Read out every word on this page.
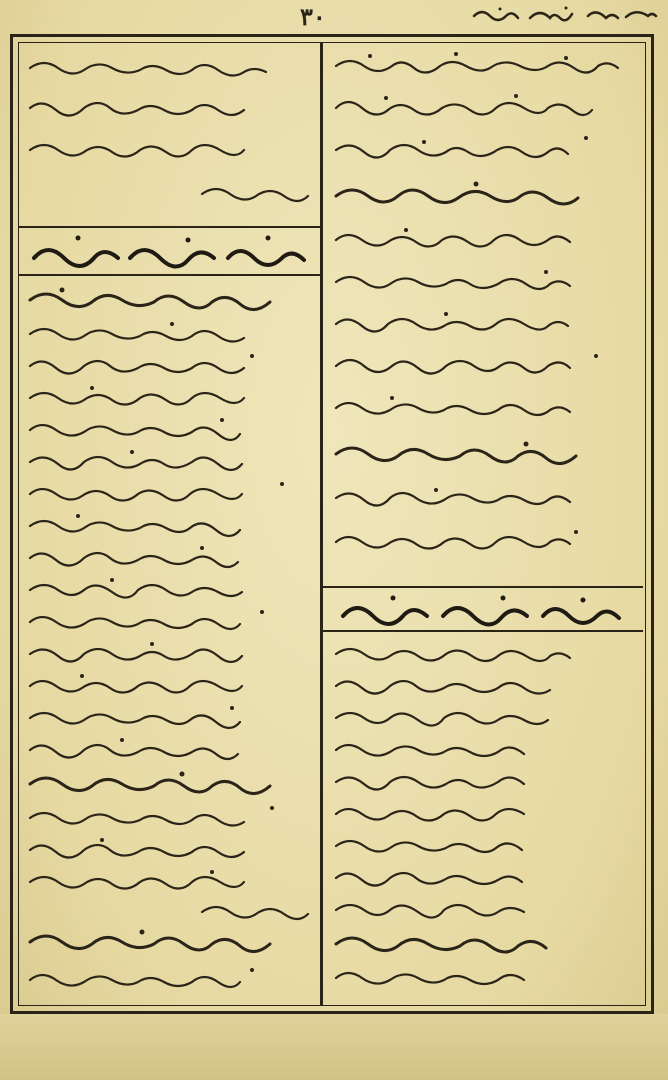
۳۰
